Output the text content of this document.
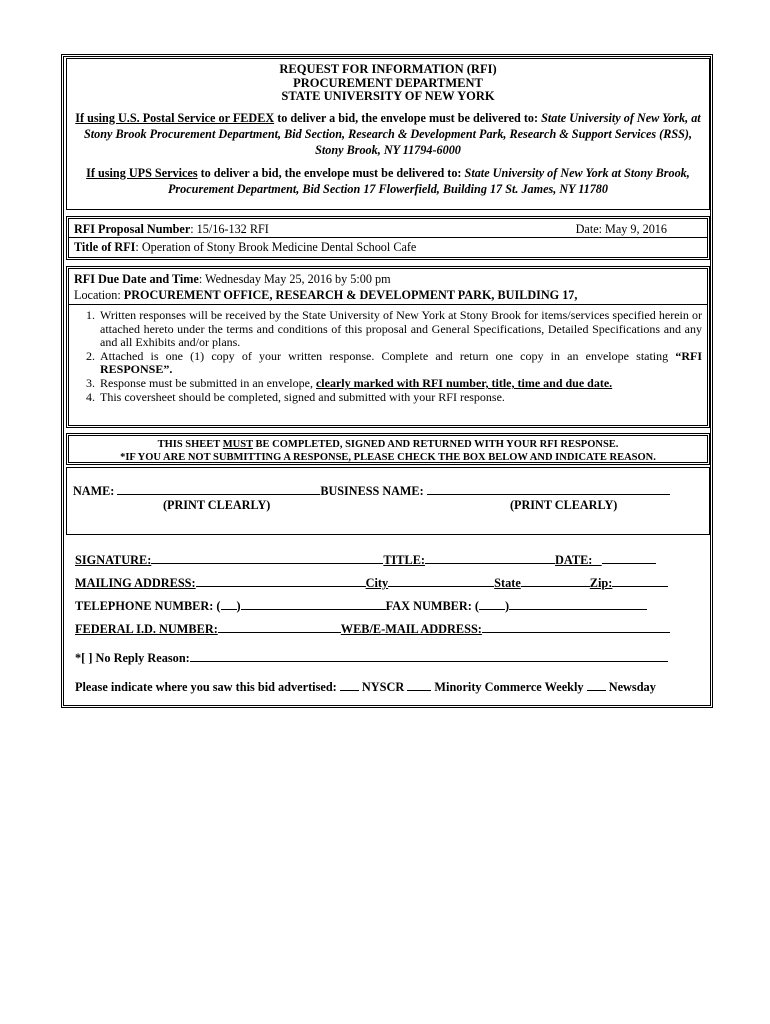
REQUEST FOR INFORMATION (RFI)
PROCUREMENT DEPARTMENT
STATE UNIVERSITY OF NEW YORK
If using U.S. Postal Service or FEDEX to deliver a bid, the envelope must be delivered to: State University of New York, at Stony Brook Procurement Department, Bid Section, Research & Development Park, Research & Support Services (RSS), Stony Brook, NY 11794-6000
If using UPS Services to deliver a bid, the envelope must be delivered to: State University of New York at Stony Brook, Procurement Department, Bid Section 17 Flowerfield, Building 17 St. James, NY 11780
RFI Proposal Number: 15/16-132 RFI	Date: May 9, 2016
Title of RFI: Operation of Stony Brook Medicine Dental School Cafe
RFI Due Date and Time: Wednesday May 25, 2016 by 5:00 pm
Location: PROCUREMENT OFFICE, RESEARCH & DEVELOPMENT PARK, BUILDING 17,
1. Written responses will be received by the State University of New York at Stony Brook for items/services specified herein or attached hereto under the terms and conditions of this proposal and General Specifications, Detailed Specifications and any and all Exhibits and/or plans.
2. Attached is one (1) copy of your written response. Complete and return one copy in an envelope stating “RFI RESPONSE”.
3. Response must be submitted in an envelope, clearly marked with RFI number, title, time and due date.
4. This coversheet should be completed, signed and submitted with your RFI response.
THIS SHEET MUST BE COMPLETED, SIGNED AND RETURNED WITH YOUR RFI RESPONSE.
*IF YOU ARE NOT SUBMITTING A RESPONSE, PLEASE CHECK THE BOX BELOW AND INDICATE REASON.
NAME:	BUSINESS NAME:
(PRINT CLEARLY)	(PRINT CLEARLY)
SIGNATURE:	TITLE:	DATE: _
MAILING ADDRESS:	City	State	Zip:
TELEPHONE NUMBER: ( )	FAX NUMBER: ( )
FEDERAL I.D. NUMBER:	WEB/E-MAIL ADDRESS:
*[ ] No Reply Reason:
Please indicate where you saw this bid advertised:  NYSCR  Minority Commerce Weekly  Newsday
